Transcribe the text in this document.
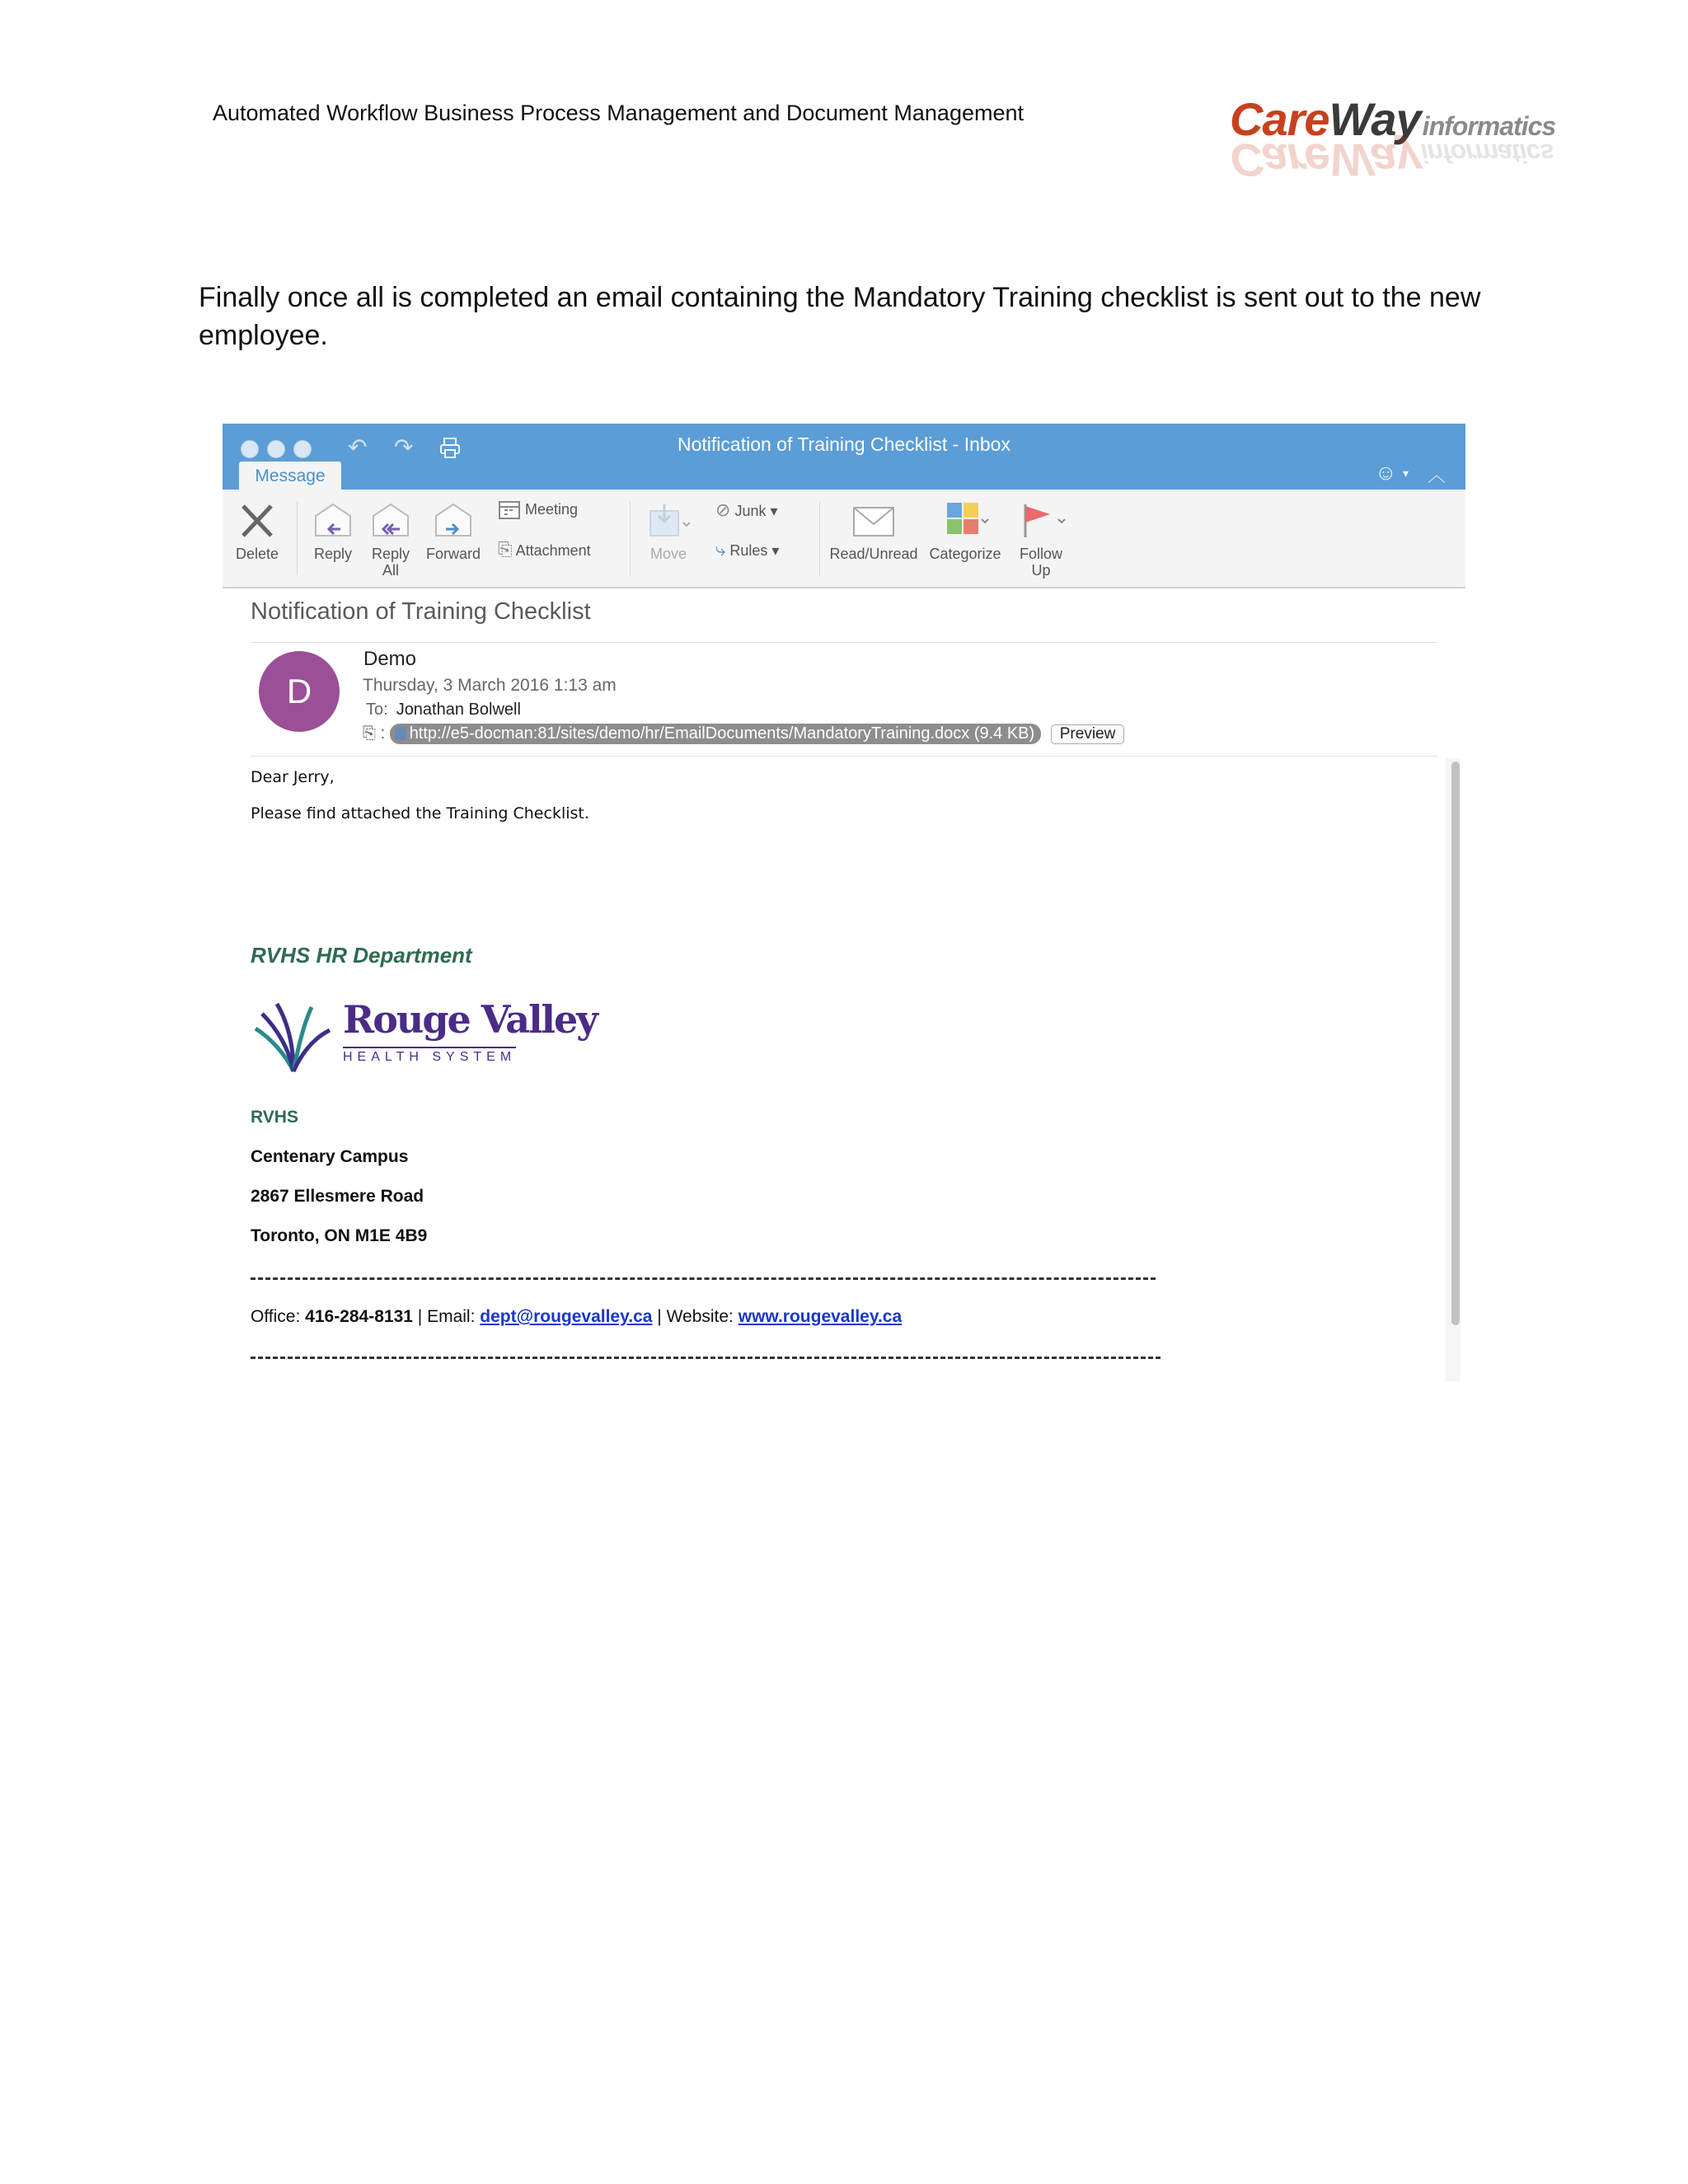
Automated Workflow Business Process Management and Document Management	CareWayinformatics
CareWayinformatics
Finally once all is completed an email containing the Mandatory Training checklist is sent out to the new employee.
↶ ↷	Notification of Training Checklist - Inbox
Message	☺ ▾ ︿
Delete Reply Reply
All
Forward
Meeting
⎘ Attachment	Move
⊘ Junk ▾
⤷ Rules ▾	Read/Unread Categorize	Follow
Up
Notification of Training Checklist
D
Demo
Thursday, 3 March 2016 1:13 am
To: Jonathan Bolwell
⎘ : http://e5-docman:81/sites/demo/hr/EmailDocuments/MandatoryTraining.docx (9.4 KB) Preview
Dear Jerry,
Please find attached the Training Checklist.
RVHS HR Department
Rouge Valley
HEALTH SYSTEM
RVHS
Centenary Campus
2867 Ellesmere Road
Toronto, ON M1E 4B9
Office: 416-284-8131 | Email: dept@rougevalley.ca | Website: www.rougevalley.ca
